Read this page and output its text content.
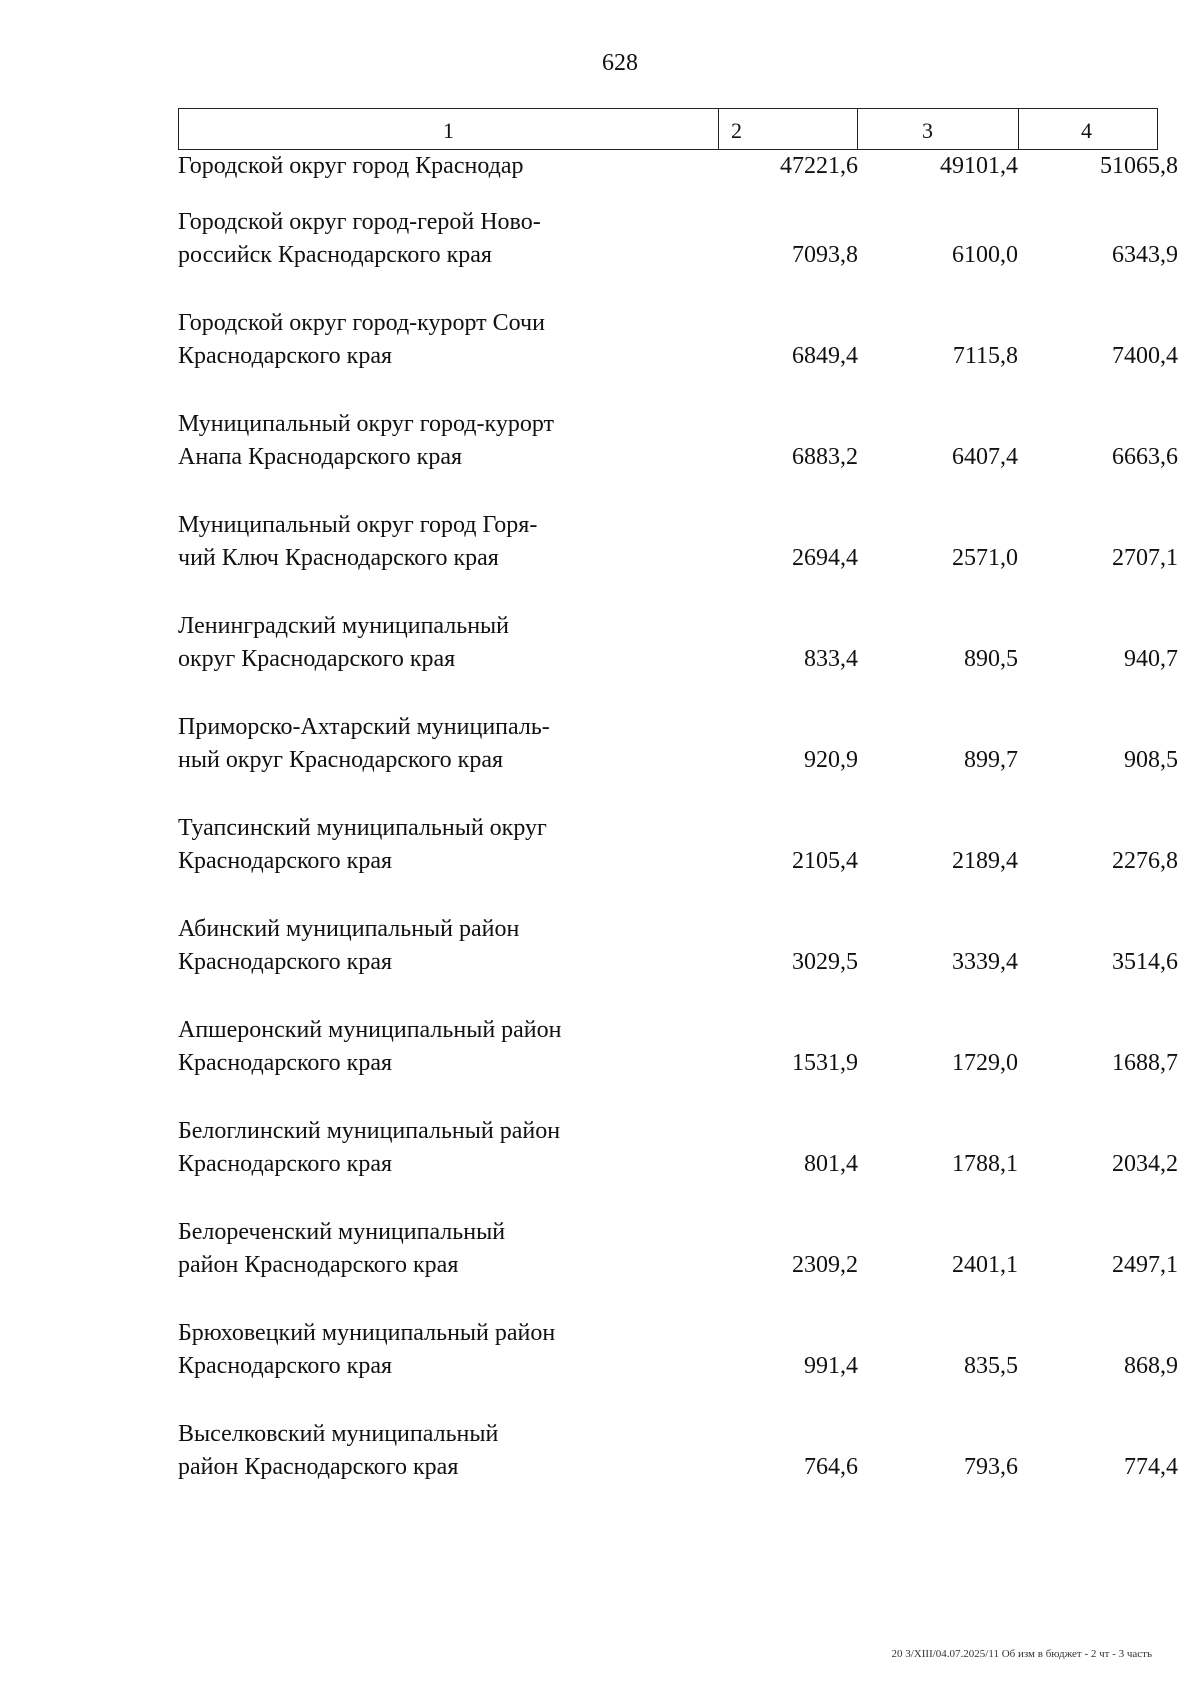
628
1	2	3	4
Городской округ город Краснодар	47221,6	49101,4	51065,8
Городской округ город-герой Ново-
российск Краснодарского края	7093,8	6100,0	6343,9
Городской округ город-курорт Сочи
Краснодарского края	6849,4	7115,8	7400,4
Муниципальный округ город-курорт
Анапа Краснодарского края	6883,2	6407,4	6663,6
Муниципальный округ город Горя-
чий Ключ Краснодарского края	2694,4	2571,0	2707,1
Ленинградский муниципальный
округ Краснодарского края	833,4	890,5	940,7
Приморско-Ахтарский муниципаль-
ный округ Краснодарского края	920,9	899,7	908,5
Туапсинский муниципальный округ
Краснодарского края	2105,4	2189,4	2276,8
Абинский муниципальный район
Краснодарского края	3029,5	3339,4	3514,6
Апшеронский муниципальный район
Краснодарского края	1531,9	1729,0	1688,7
Белоглинский муниципальный район
Краснодарского края	801,4	1788,1	2034,2
Белореченский муниципальный
район Краснодарского края	2309,2	2401,1	2497,1
Брюховецкий муниципальный район
Краснодарского края	991,4	835,5	868,9
Выселковский муниципальный
район Краснодарского края	764,6	793,6	774,4
20 3/XIII/04.07.2025/11 Об изм в бюджет - 2 чт - 3 часть
